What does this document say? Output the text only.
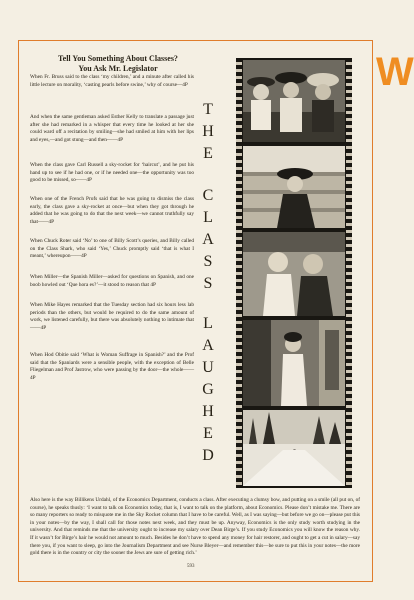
W
Tell You Something About Classes? You Ask Mr. Legislator
When Fr. Bruss said to the class ‘my children,’ and a minute after called his little lecture on morality, ‘casting pearls before swine,’ why of course—4P
And when the same gentleman asked Esther Kelly to translate a passage just after she had remarked in a whisper that every time he looked at her she could ward off a recitation by smiling—she had smiled at him with her lips and eyes,—and got stung—and then——4P
When the class gave Carl Russell a sky-rocket for ‘haircut’, and he put his hand up to see if he had one, or if he needed one—the opportunity was too good to be missed, so——4P
When one of the French Profs said that he was going to dismiss the class early, the class gave a sky-rocket at once—but when they got through he added that he was going to do that the next week—we cannot truthfully say that——4P
When Chuck Roter said ‘No’ to one of Billy Scott’s queries, and Billy called on the Class Shark, who said ‘Yes,’ Chuck promptly said ‘that is what I meant,’ whereupon——4P
When Miller—the Spanish Miller—asked for questions on Spanish, and one boob howled out ‘Que hora es?’—it stood to reason that 4P
When Mike Hayes remarked that the Tuesday section had six hours less lab periods than the others, but would be required to do the same amount of work, we listened carefully, but there was absolutely nothing to intimate that——4P
When Hod Obitie said ‘What is Woman Suffrage in Spanish?’ and the Prof said that the Spaniards were a sensible people, with the exception of Belle Fliegelman and Prof Jastrow, who were passing by the door—the whole——4P
T
H
E
C
L
A
S
S
L
A
U
G
H
E
D
Also here is the way Billikens Urdahl, of the Economics Department, conducts a class. After executing a clumsy bow, and putting on a smile (all put on, of course), he speaks thusly: ‘I want to talk on Economics today, that is, I want to talk on the platform, about Economics. Please don’t mistake me. There are so many reporters so ready to misquote me in the Sky Rocket column that I have to be careful. Well, as I was saying—but before we go on—please put this in your notes—by the way, I shall call for those notes next week, and they must be up. Anyway, Economics is the only study worth studying in the university. And that reminds me that the university ought to increase my salary over Dean Birge’s. If you study Economics you will know the reason why. If it wasn’t for Birge’s hair he would not amount to much. Besides he don’t have to spend any money for hair restorer, and ought to get a cut in salary—say there you, if you want to sleep, go into the Journalism Department and see Nurse Bleyer—and remember this—be sure to put this in your notes—the more gold there is in the country or city the sooner the Jews are sure of getting rich.’
593
